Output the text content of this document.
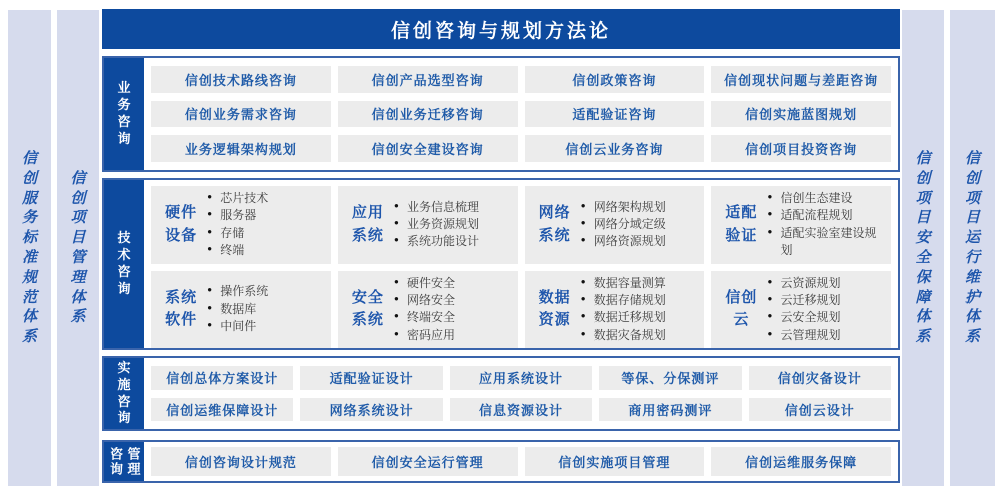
信创服务标准规范体系
信创项目管理体系
信创咨询与规划方法论
业务咨询
信创技术路线咨询	信创产品选型咨询	信创政策咨询	信创现状问题与差距咨询
信创业务需求咨询	信创业务迁移咨询	适配验证咨询	信创实施蓝图规划
业务逻辑架构规划	信创安全建设咨询	信创云业务咨询	信创项目投资咨询
技术咨询
硬件设备
● 芯片技术
● 服务器
● 存储
● 终端
应用系统
● 业务信息梳理
● 业务资源规划
● 系统功能设计
网络系统
● 网络架构规划
● 网络分域定级
● 网络资源规划
适配验证
● 信创生态建设
● 适配流程规划
● 适配实验室建设规划
系统软件
● 操作系统
● 数据库
● 中间件
安全系统
● 硬件安全
● 网络安全
● 终端安全
● 密码应用
数据资源
● 数据容量测算
● 数据存储规划
● 数据迁移规划
● 数据灾备规划
信创云
● 云资源规划
● 云迁移规划
● 云安全规划
● 云管理规划
实施咨询
信创总体方案设计	适配验证设计	应用系统设计	等保、分保测评	信创灾备设计
信创运维保障设计	网络系统设计	信息资源设计	商用密码测评	信创云设计
咨询管理	信创咨询设计规范	信创安全运行管理	信创实施项目管理	信创运维服务保障
信创项目安全保障体系
信创项目运行维护体系
